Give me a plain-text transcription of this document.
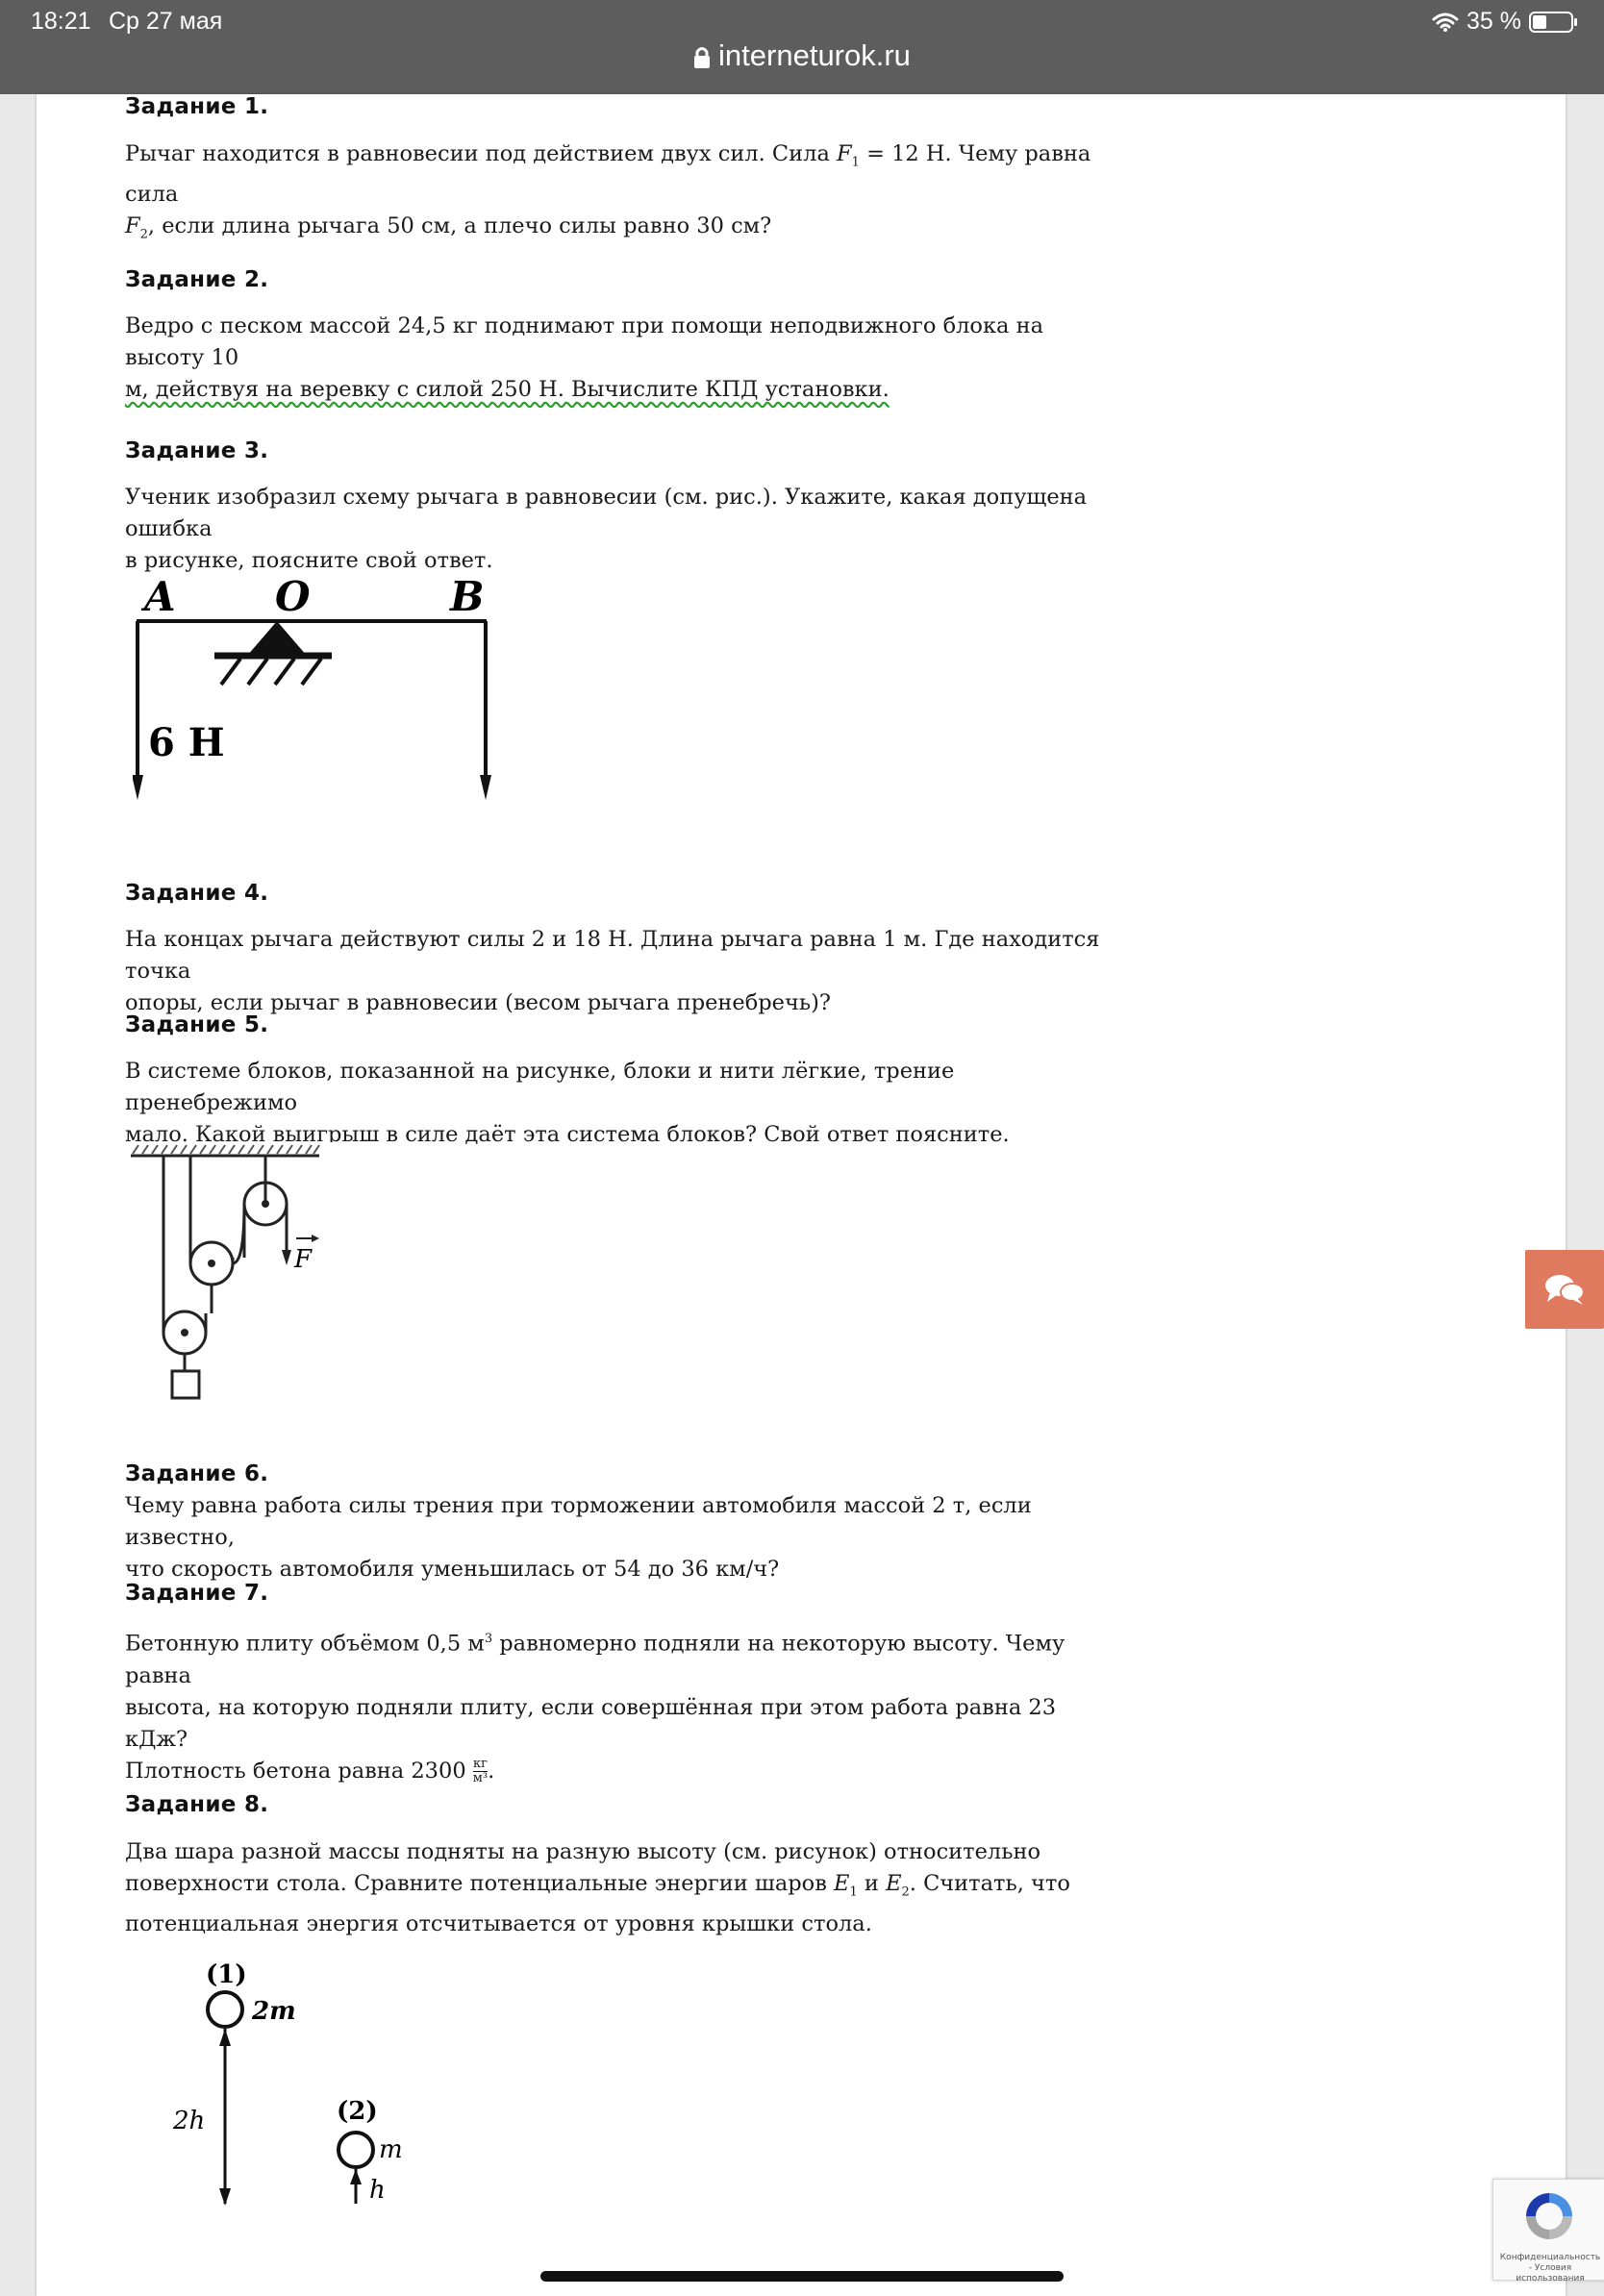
18:21 Ср 27 мая	35 %
interneturok.ru
Задание 1.
Рычаг находится в равновесии под действием двух сил. Сила $F_1 = 12$ Н. Чему равна сила
$F_2$, если длина рычага 50 см, а плечо силы равно 30 см?
Задание 2.
Ведро с песком массой 24,5 кг поднимают при помощи неподвижного блока на высоту 10
м, действуя на веревку с силой 250 Н. Вычислите КПД установки.
Задание 3.
Ученик изобразил схему рычага в равновесии (см. рис.). Укажите, какая допущена ошибка
в рисунке, поясните свой ответ.
A O	B
6 H
Задание 4.
На концах рычага действуют силы 2 и 18 Н. Длина рычага равна 1 м. Где находится точка
опоры, если рычаг в равновесии (весом рычага пренебречь)?
Задание 5.
В системе блоков, показанной на рисунке, блоки и нити лёгкие, трение пренебрежимо
мало. Какой выигрыш в силе даёт эта система блоков? Свой ответ поясните.
F
Задание 6.
Чему равна работа силы трения при торможении автомобиля массой 2 т, если известно,
что скорость автомобиля уменьшилась от 54 до 36 км/ч?
Задание 7.
Бетонную плиту объёмом 0,5 $м^3$ равномерно подняли на некоторую высоту. Чему равна
высота, на которую подняли плиту, если совершённая при этом работа равна 23 кДж?
Плотность бетона равна 2300 кг
м³ .
Задание 8.
Два шара разной массы подняты на разную высоту (см. рисунок) относительно
поверхности стола. Сравните потенциальные энергии шаров $E_1$ и $E_2$. Считать, что
потенциальная энергия отсчитывается от уровня крышки стола.
(1)
2m
2h	(2)
m
h
Конфиденциальность - Условия использования
